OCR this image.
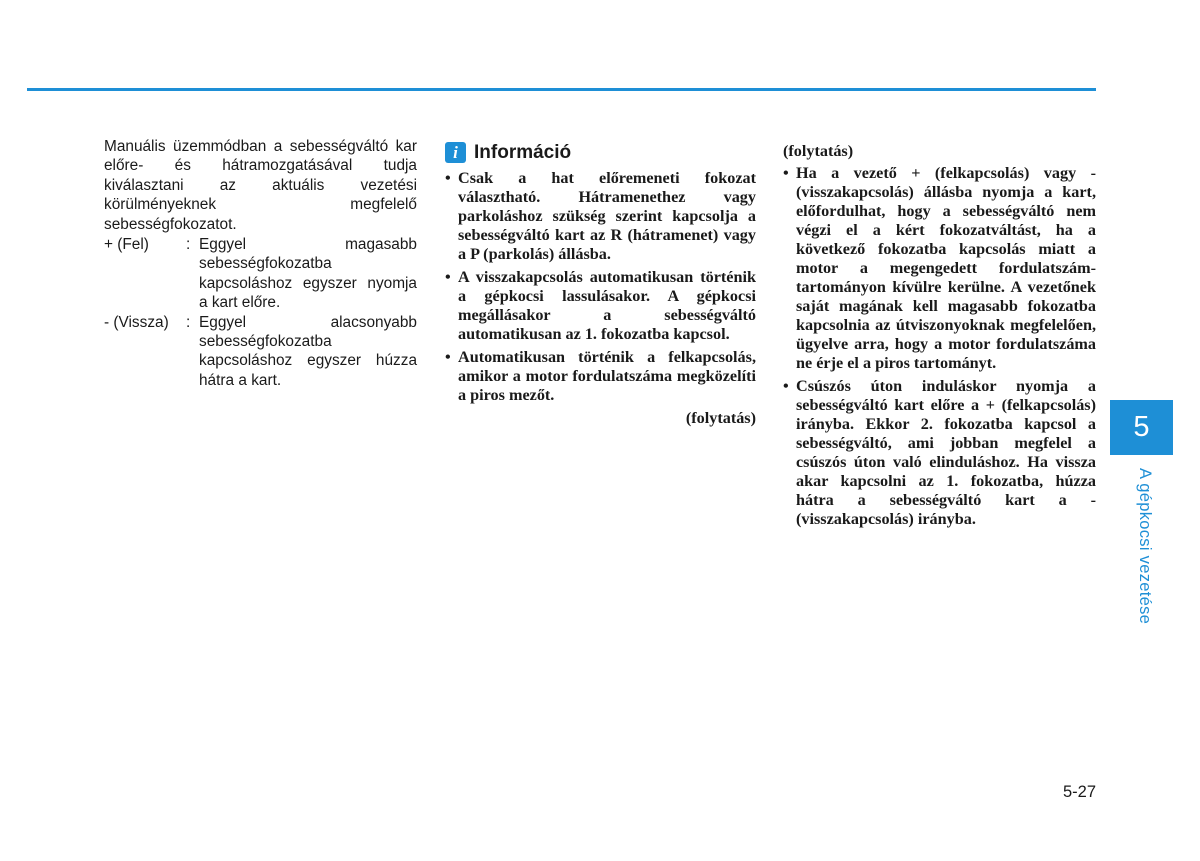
Manuális üzemmódban a sebességváltó kar előre- és hátramozgatásával tudja kiválasztani az aktuális vezetési körülményeknek megfelelő sebességfokozatot.

+ (Fel)	: Eggyel magasabb sebességfokozatba kapcsoláshoz egyszer nyomja a kart előre.
- (Vissza)	: Eggyel alacsonyabb sebességfokozatba kapcsoláshoz egyszer húzza hátra a kart.
i Információ
• Csak a hat előremeneti fokozat választható. Hátramenethez vagy parkoláshoz szükség szerint kapcsolja a sebességváltó kart az R (hátramenet) vagy a P (parkolás) állásba.
• A visszakapcsolás automatikusan történik a gépkocsi lassulásakor. A gépkocsi megállásakor a sebességváltó automatikusan az 1. fokozatba kapcsol.
• Automatikusan történik a felkapcsolás, amikor a motor fordulatszáma megközelíti a piros mezőt.
(folytatás)
(folytatás)
• Ha a vezető + (felkapcsolás) vagy - (visszakapcsolás) állásba nyomja a kart, előfordulhat, hogy a sebességváltó nem végzi el a kért fokozatváltást, ha a következő fokozatba kapcsolás miatt a motor a megengedett fordulatszám-tartományon kívülre kerülne. A vezetőnek saját magának kell magasabb fokozatba kapcsolnia az útviszonyoknak megfelelően, ügyelve arra, hogy a motor fordulatszáma ne érje el a piros tartományt.
• Csúszós úton induláskor nyomja a sebességváltó kart előre a + (felkapcsolás) irányba. Ekkor 2. fokozatba kapcsol a sebességváltó, ami jobban megfelel a csúszós úton való elinduláshoz. Ha vissza akar kapcsolni az 1. fokozatba, húzza hátra a sebességváltó kart a - (visszakapcsolás) irányba.
5
A gépkocsi vezetése
5-27
